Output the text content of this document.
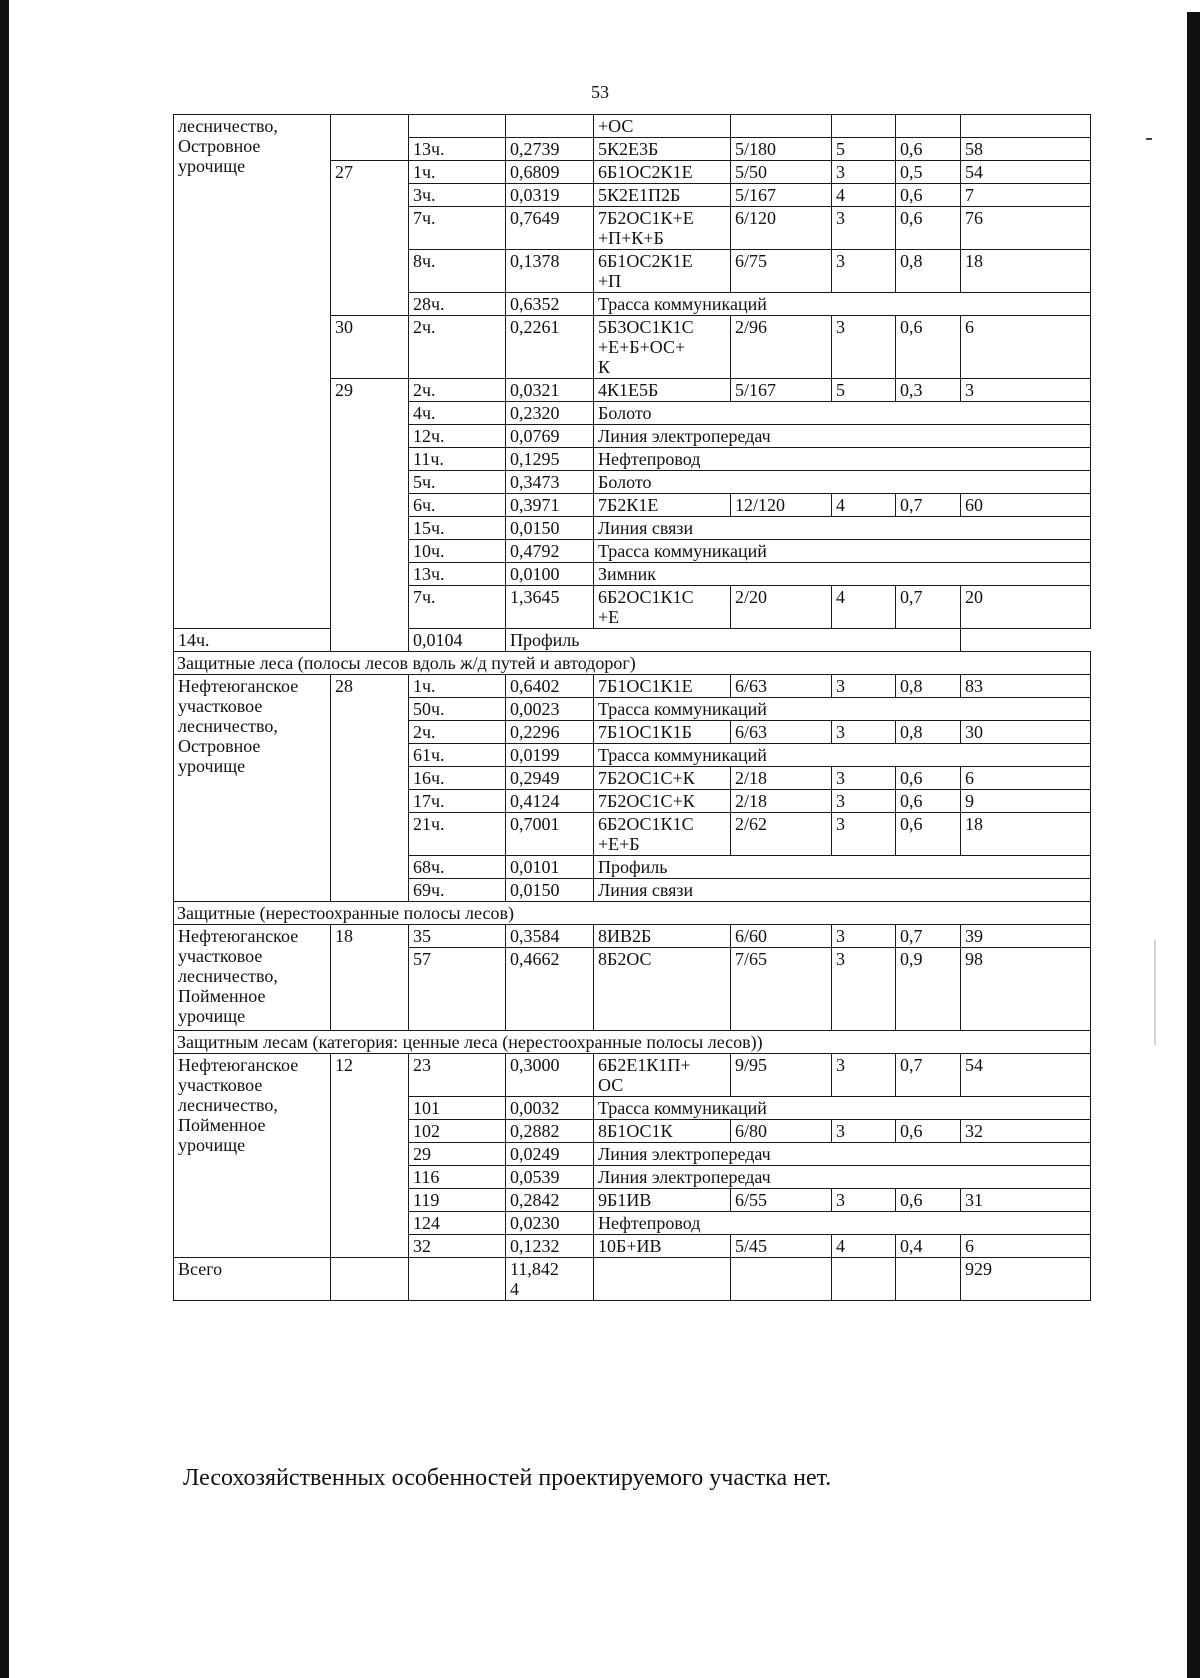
53
лесничество,
Островное
урочище				+ОС				
		13ч.	0,2739	5К2Е3Б	5/180	5	0,6	58
	27	1ч.	0,6809	6Б1ОС2К1Е	5/50	3	0,5	54
		3ч.	0,0319	5К2Е1П2Б	5/167	4	0,6	7
		7ч.	0,7649	7Б2ОС1К+Е
+П+К+Б	6/120	3	0,6	76
		8ч.	0,1378	6Б1ОС2К1Е
+П	6/75	3	0,8	18
		28ч.	0,6352	Трасса коммуникаций				
	30	2ч.	0,2261	5Б3ОС1К1С
+Е+Б+ОС+
К	2/96	3	0,6	6
	29	2ч.	0,0321	4К1Е5Б	5/167	5	0,3	3
		4ч.	0,2320	Болото				
		12ч.	0,0769	Линия электропередач				
		11ч.	0,1295	Нефтепровод				
		5ч.	0,3473	Болото				
		6ч.	0,3971	7Б2К1Е	12/120	4	0,7	60
		15ч.	0,0150	Линия связи				
		10ч.	0,4792	Трасса коммуникаций				
		13ч.	0,0100	Зимник				
		7ч.	1,3645	6Б2ОС1К1С
+Е	2/20	4	0,7	20
14ч.		0,0104	Профиль					
Защитные леса (полосы лесов вдоль ж/д путей и автодорог)								
Нефтеюганское
участковое
лесничество,
Островное
урочище	28	1ч.	0,6402	7Б1ОС1К1Е	6/63	3	0,8	83
		50ч.	0,0023	Трасса коммуникаций				
		2ч.	0,2296	7Б1ОС1К1Б	6/63	3	0,8	30
		61ч.	0,0199	Трасса коммуникаций				
		16ч.	0,2949	7Б2ОС1С+К	2/18	3	0,6	6
		17ч.	0,4124	7Б2ОС1С+К	2/18	3	0,6	9
		21ч.	0,7001	6Б2ОС1К1С
+Е+Б	2/62	3	0,6	18
		68ч.	0,0101	Профиль				
		69ч.	0,0150	Линия связи				
Защитные (нерестоохранные полосы лесов)								
Нефтеюганское
участковое
лесничество,
Пойменное
урочище	18	35	0,3584	8ИВ2Б	6/60	3	0,7	39
		57	0,4662	8Б2ОС	7/65	3	0,9	98
Защитным лесам (категория: ценные леса (нерестоохранные полосы лесов))								
Нефтеюганское
участковое
лесничество,
Пойменное
урочище	12	23	0,3000	6Б2Е1К1П+
ОС	9/95	3	0,7	54
		101	0,0032	Трасса коммуникаций				
		102	0,2882	8Б1ОС1К	6/80	3	0,6	32
		29	0,0249	Линия электропередач				
		116	0,0539	Линия электропередач				
		119	0,2842	9Б1ИВ	6/55	3	0,6	31
		124	0,0230	Нефтепровод				
		32	0,1232	10Б+ИВ	5/45	4	0,4	6
Всего			11,842
4					929
Лесохозяйственных особенностей проектируемого участка нет.
